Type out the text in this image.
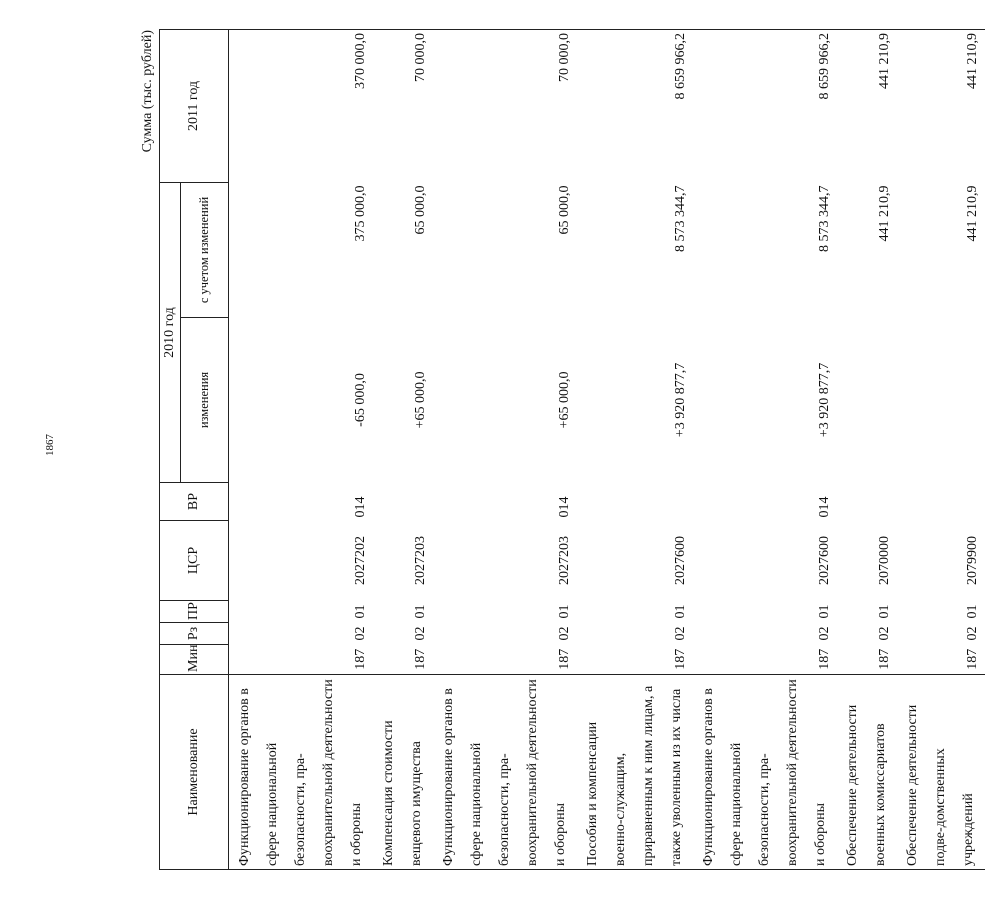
1867
Сумма (тыс. рублей)
Наименование	Мин	Рз	ПР	ЦСР	ВР	2010 год		2011 год
						изменения	с учетом изменений	
Функционирование органов в сфере национальной безопасности, пра-воохранительной деятельности и обороны	187	02	01	2027202	014	-65 000,0	375 000,0	370 000,0
Компенсация стоимости вещевого имущества	187	02	01	2027203		+65 000,0	65 000,0	70 000,0
Функционирование органов в сфере национальной безопасности, пра-воохранительной деятельности и обороны	187	02	01	2027203	014	+65 000,0	65 000,0	70 000,0
Пособия и компенсации военно-служащим, приравненным к ним лицам, а также уволенным из их числа	187	02	01	2027600		+3 920 877,7	8 573 344,7	8 659 966,2
Функционирование органов в сфере национальной безопасности, пра-воохранительной деятельности и обороны	187	02	01	2027600	014	+3 920 877,7	8 573 344,7	8 659 966,2
Обеспечение деятельности военных комиссариатов	187	02	01	2070000			441 210,9	441 210,9
Обеспечение деятельности подве-домственных учреждений	187	02	01	2079900			441 210,9	441 210,9
